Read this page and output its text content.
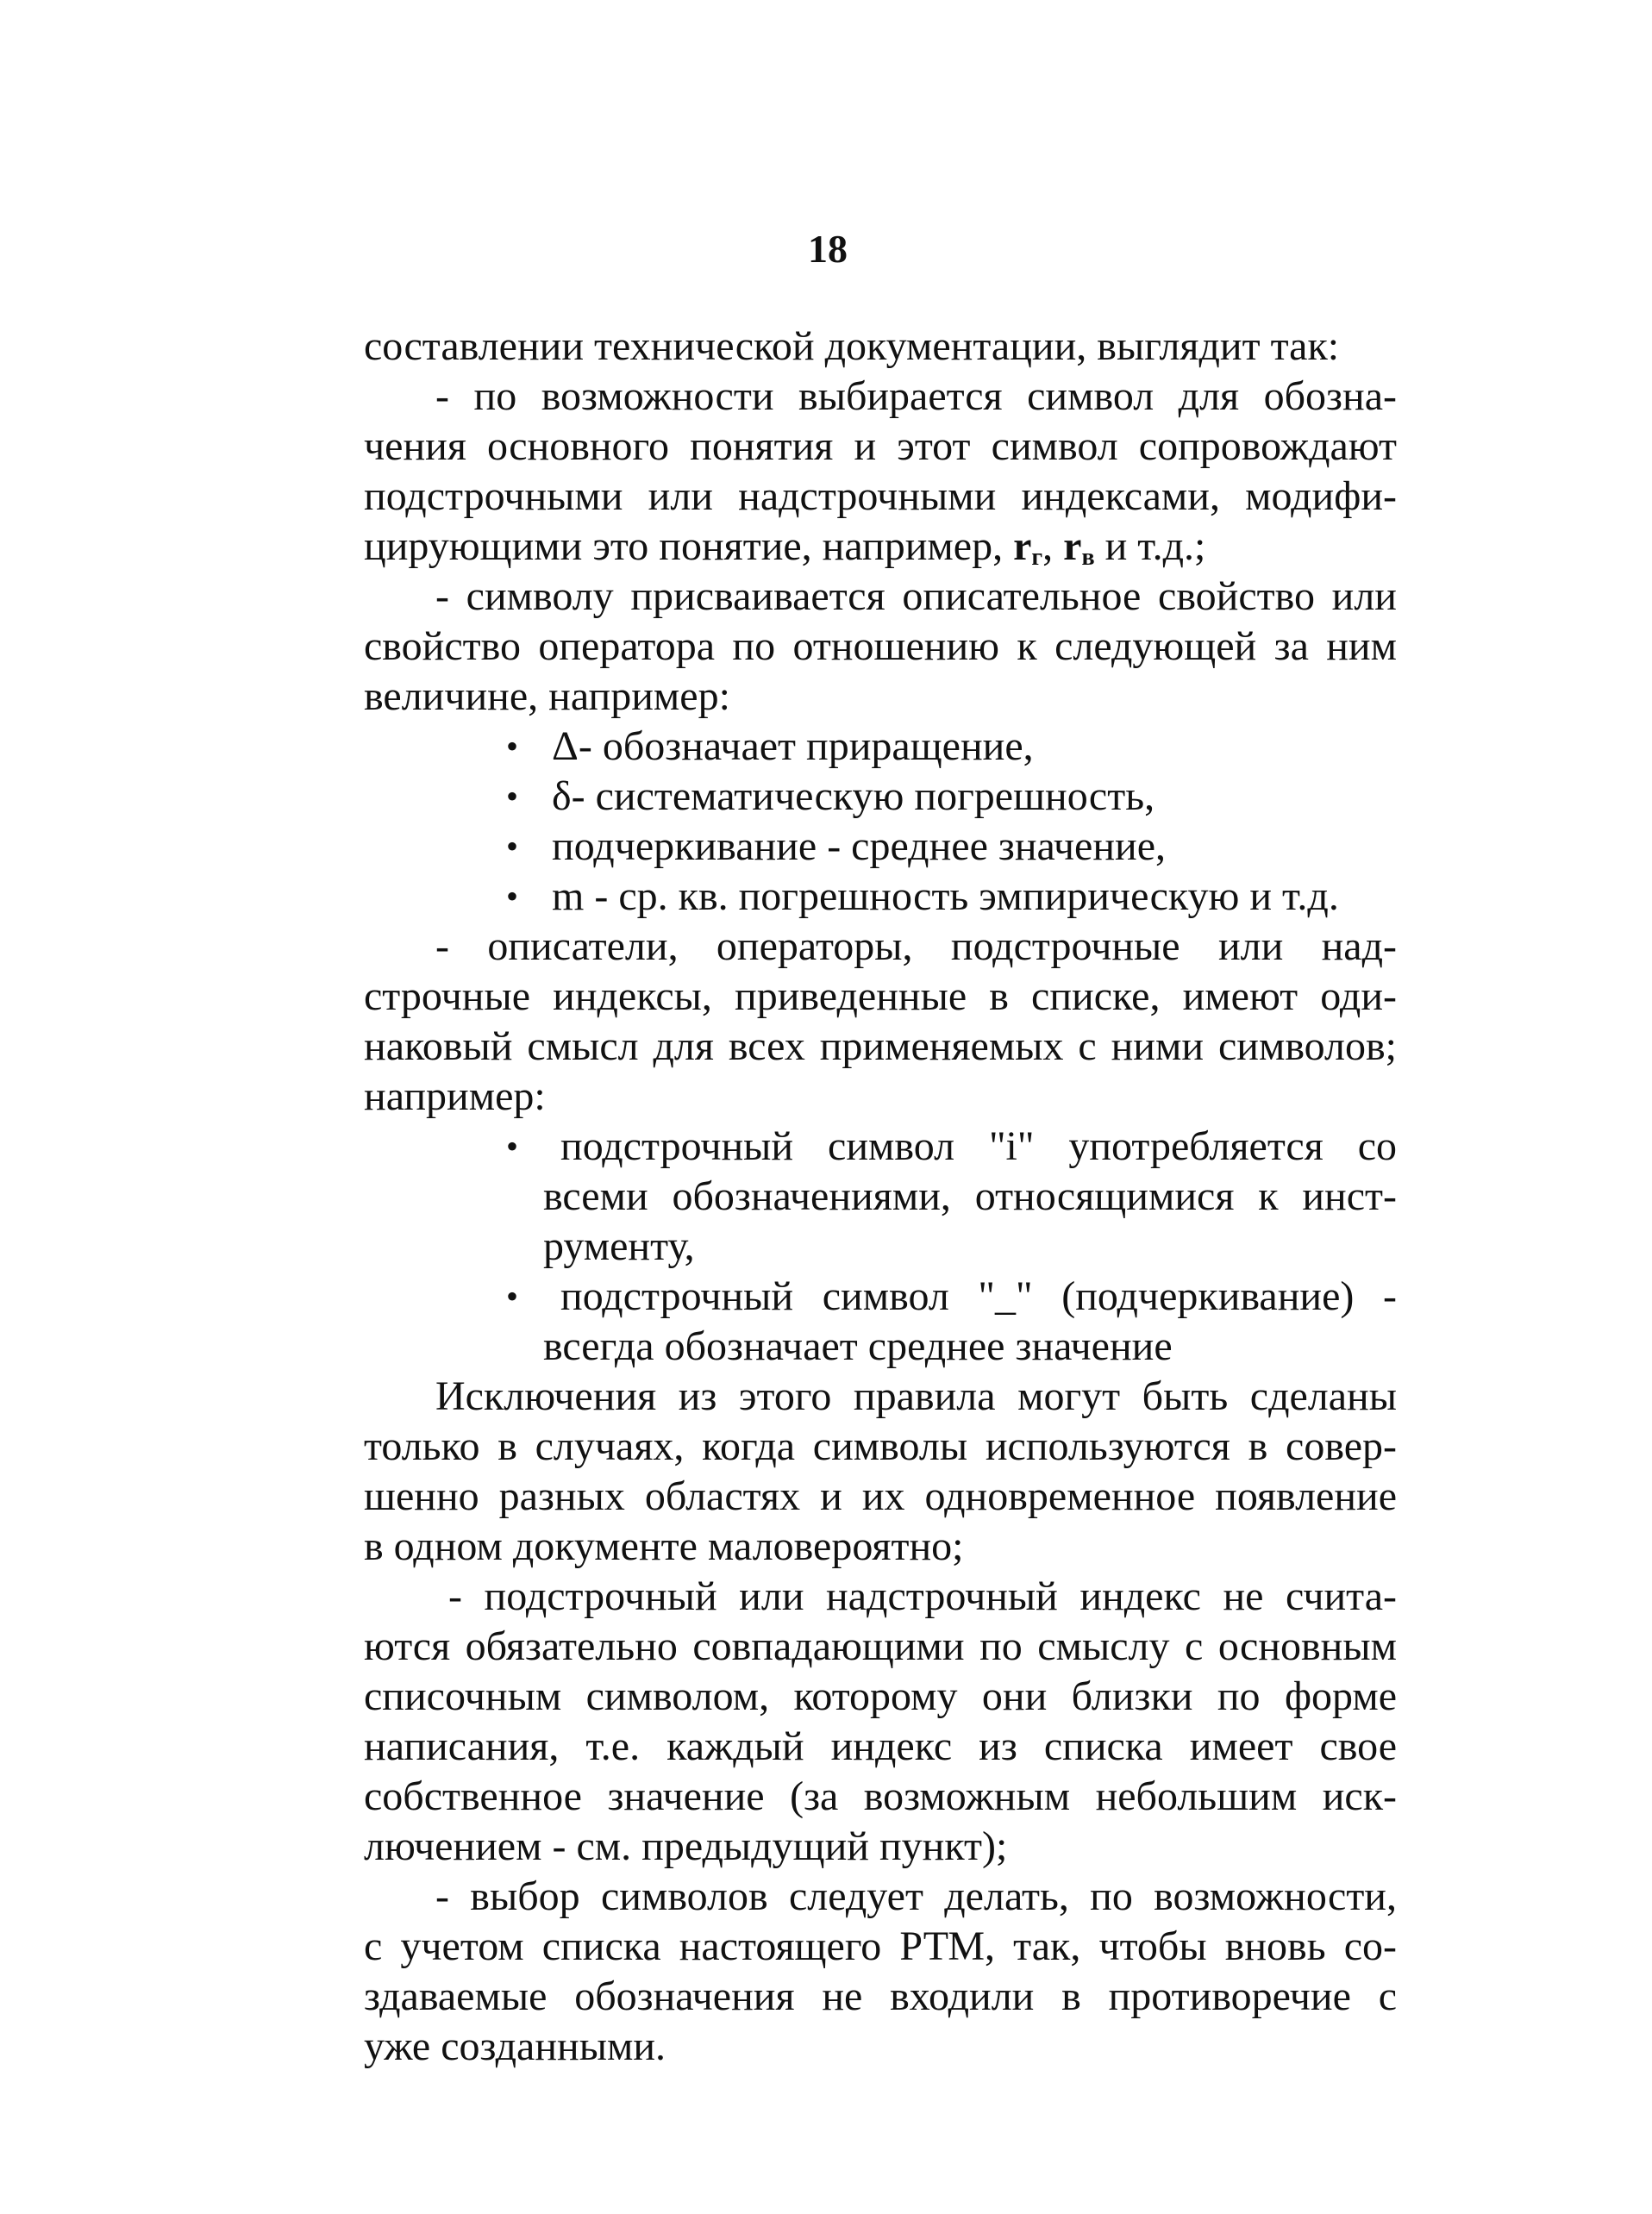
18
составлении технической документации, выглядит так:
- по возможности выбирается символ для обозна-
чения основного понятия и этот символ сопровождают
подстрочными или надстрочными индексами, модифи-
цирующими это понятие, например, $r_г$, $r_в$ и т.д.;
- символу присваивается описательное свойство или
свойство оператора по отношению к следующей за ним
величине, например:
• Δ- обозначает приращение,
• δ- систематическую погрешность,
• подчеркивание - среднее значение,
• m - ср. кв. погрешность эмпирическую и т.д.
- описатели, операторы, подстрочные или над-
строчные индексы, приведенные в списке, имеют оди-
наковый смысл для всех применяемых с ними символов;
например:
• подстрочный символ "i" употребляется со
всеми обозначениями, относящимися к инст-
рументу,
• подстрочный символ "_" (подчеркивание) -
всегда обозначает среднее значение
Исключения из этого правила могут быть сделаны
только в случаях, когда символы используются в совер-
шенно разных областях и их одновременное появление
в одном документе маловероятно;
- подстрочный или надстрочный индекс не счита-
ются обязательно совпадающими по смыслу с основным
списочным символом, которому они близки по форме
написания, т.е. каждый индекс из списка имеет свое
собственное значение (за возможным небольшим иск-
лючением - см. предыдущий пункт);
- выбор символов следует делать, по возможности,
с учетом списка настоящего РТМ, так, чтобы вновь со-
здаваемые обозначения не входили в противоречие с
уже созданными.
